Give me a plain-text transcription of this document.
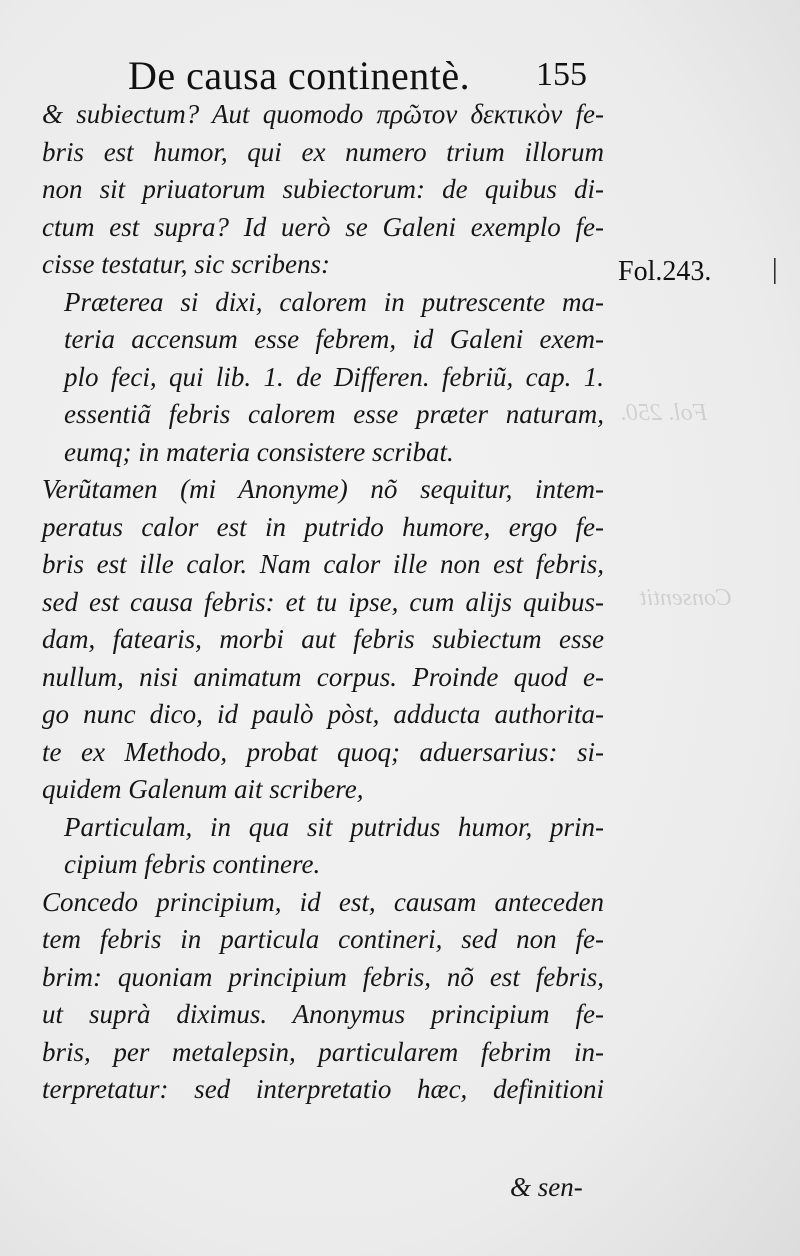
Fol. 250.
Consentit
De causa continentè. 155
& subiectum? Aut quomodo πρῶτον δεκτικὸν fe-
bris est humor, qui ex numero trium illorum
non sit priuatorum subiectorum: de quibus di-
ctum est supra? Id uerò se Galeni exemplo fe-
cisse testatur, sic scribens:
Præterea si dixi, calorem in putrescente ma-
teria accensum esse febrem, id Galeni exem-
plo feci, qui lib. 1. de Differen. febriũ, cap. 1.
essentiã febris calorem esse præter naturam,
eumq; in materia consistere scribat.
Verũtamen (mi Anonyme) nõ sequitur, intem-
peratus calor est in putrido humore, ergo fe-
bris est ille calor. Nam calor ille non est febris,
sed est causa febris: et tu ipse, cum alijs quibus-
dam, fatearis, morbi aut febris subiectum esse
nullum, nisi animatum corpus. Proinde quod e-
go nunc dico, id paulò pòst, adducta authorita-
te ex Methodo, probat quoq; aduersarius: si-
quidem Galenum ait scribere,
Particulam, in qua sit putridus humor, prin-
cipium febris continere.
Concedo principium, id est, causam anteceden
tem febris in particula contineri, sed non fe-
brim: quoniam principium febris, nõ est febris,
ut suprà diximus. Anonymus principium fe-
bris, per metalepsin, particularem febrim in-
terpretatur: sed interpretatio hæc, definitioni
& sen-
Fol.243. |
